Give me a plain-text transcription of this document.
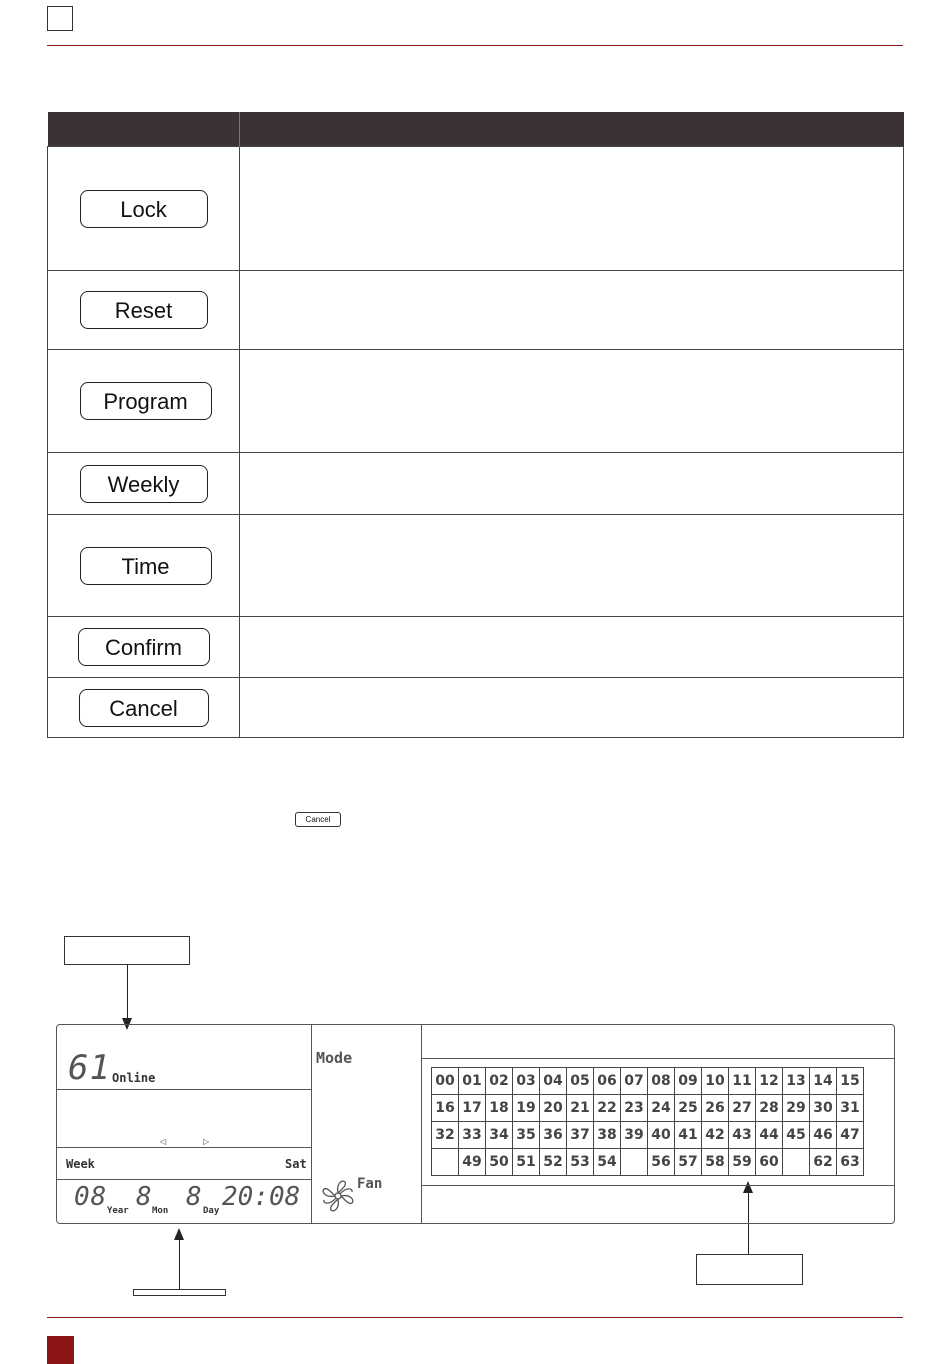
Lock	
Reset	
Program	
Weekly	
Time	
Confirm	
Cancel	
Cancel
61 Online
◁	▷
Week	Sat
08 Year 8 Mon 8 Day 20:08
Mode
Fan
00	01	02	03	04	05	06	07	08	09	10	11	12	13	14	15
16	17	18	19	20	21	22	23	24	25	26	27	28	29	30	31
32	33	34	35	36	37	38	39	40	41	42	43	44	45	46	47
	49	50	51	52	53	54		56	57	58	59	60		62	63
